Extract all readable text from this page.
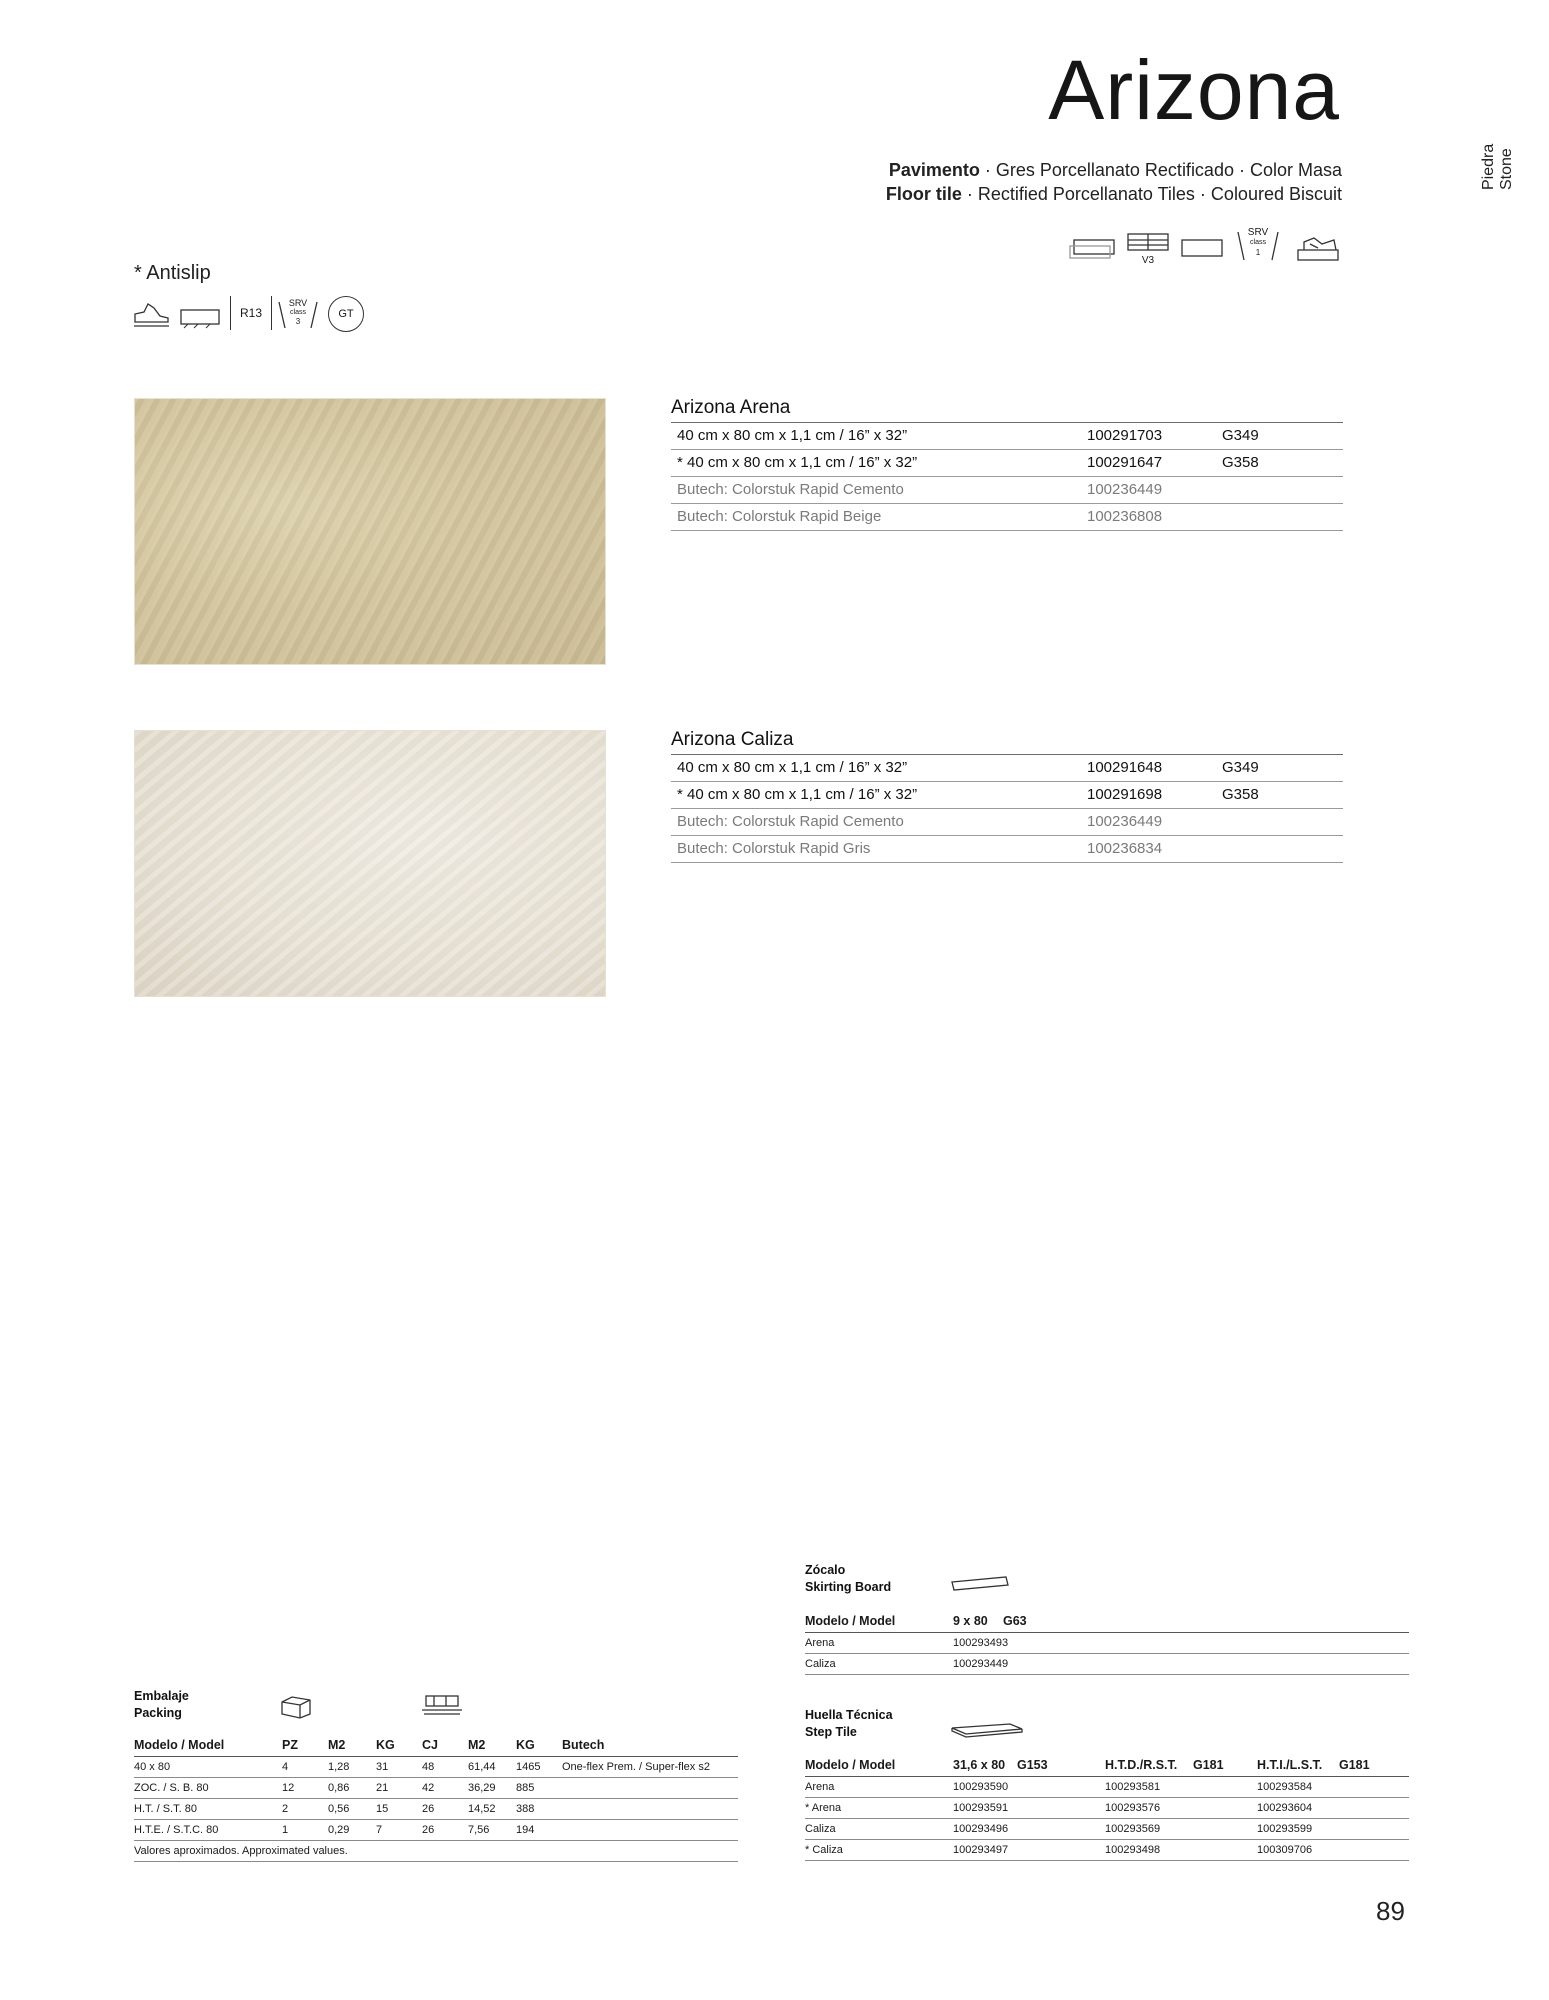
Arizona
Pavimento · Gres Porcellanato Rectificado · Color Masa
Floor tile · Rectified Porcellanato Tiles · Coloured Biscuit
Piedra Stone
V3
SRV
class
1
* Antislip
R13
SRV
class
3
GT
Arizona Arena
40 cm x 80 cm x 1,1 cm / 16” x 32”	100291703	G349
* 40 cm x 80 cm x 1,1 cm / 16” x 32”	100291647	G358
Butech: Colorstuk Rapid Cemento	100236449
Butech: Colorstuk Rapid Beige	100236808
Arizona Caliza
40 cm x 80 cm x 1,1 cm / 16” x 32”	100291648	G349
* 40 cm x 80 cm x 1,1 cm / 16” x 32”	100291698	G358
Butech: Colorstuk Rapid Cemento	100236449
Butech: Colorstuk Rapid Gris	100236834
Embalaje
Packing
Modelo / Model	PZ	M2	KG	CJ	M2	KG	Butech
40 x 80	4	1,28	31	48	61,44	1465	One-flex Prem. / Super-flex s2
ZOC. / S. B. 80	12	0,86	21	42	36,29	885
H.T. / S.T. 80	2	0,56	15	26	14,52	388
H.T.E. / S.T.C. 80	1	0,29	7	26	7,56	194
Valores aproximados. Approximated values.
Zócalo
Skirting Board
Modelo / Model	9 x 80	G63
Arena	100293493
Caliza	100293449
Huella Técnica
Step Tile
Modelo / Model	31,6 x 80 G153	H.T.D./R.S.T.	G181	H.T.I./L.S.T.	G181
Arena	100293590	100293581	100293584
* Arena	100293591	100293576	100293604
Caliza	100293496	100293569	100293599
* Caliza	100293497	100293498	100309706
89
